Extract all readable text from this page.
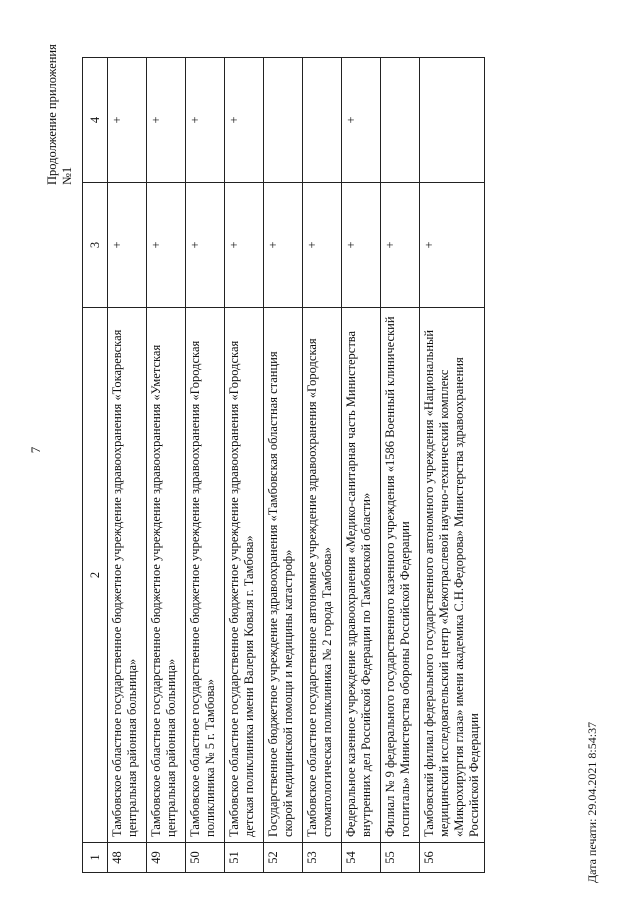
7
Продолжение приложения №1
1	2	3	4
48	Тамбовское областное государственное бюджетное учреждение здравоохранения «Токаревская центральная районная больница»	+	+
49	Тамбовское областное государственное бюджетное учреждение здравоохранения «Уметская центральная районная больница»	+	+
50	Тамбовское областное государственное бюджетное учреждение здравоохранения «Городская поликлиника № 5 г. Тамбова»	+	+
51	Тамбовское областное государственное бюджетное учреждение здравоохранения «Городская детская поликлиника имени Валерия Коваля г. Тамбова»	+	+
52	Государственное бюджетное учреждение здравоохранения «Тамбовская областная станция скорой медицинской помощи и медицины катастроф»	+	
53	Тамбовское областное государственное автономное учреждение здравоохранения «Городская стоматологическая поликлиника № 2 города Тамбова»	+	
54	Федеральное казенное учреждение здравоохранения «Медико-санитарная часть Министерства внутренних дел Российской Федерации по Тамбовской области»	+	+
55	Филиал № 9 федерального государственного казенного учреждения «1586 Военный клинический госпиталь» Министерства обороны Российской Федерации	+	
56	Тамбовский филиал федерального государственного автономного учреждения «Национальный медицинский исследовательский центр «Межотраслевой научно-технический комплекс «Микрохирургия глаза» имени академика С.Н.Федорова» Министерства здравоохранения Российской Федерации	+	
Дата печати: 29.04.2021 8:54:37
